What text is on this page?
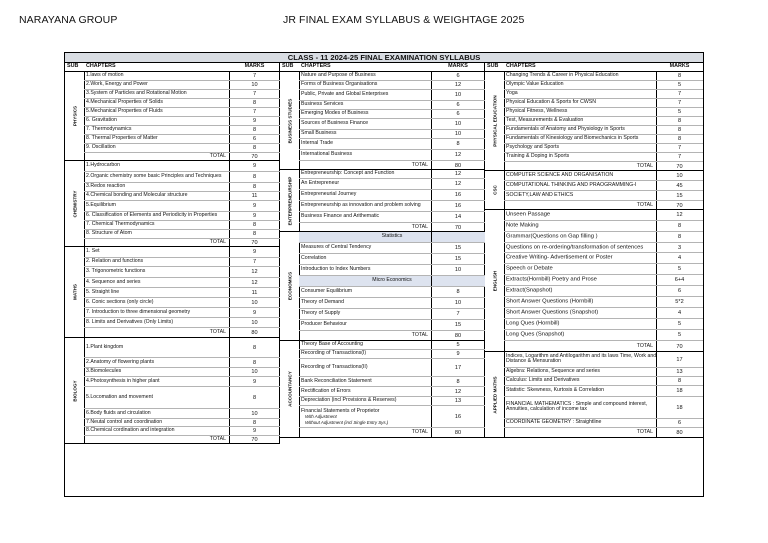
NARAYANA GROUP	JR FINAL EXAM SYLLABUS & WEIGHTAGE 2025
CLASS - 11 2024-25 FINAL EXAMINATION SYLLABUS
SUB CHAPTERS	MARKS
PHYSICS
1.laws of motion	7
2.Work, Energy and Power	10
3.System of Particles and Rotational Motion	7
4.Mechanical Properties of Solids	8
5.Mechanical Properties of Fluids	7
6. Gravitation	9
7. Thermodynamics	8
8. Thermal Properties of Matter	6
9. Oscillation	8
TOTAL	70
CHEMISTRY
1.Hydrocarbon	9
2.Organic chemistry some basic Principles and Techniques	8
3.Redox reaction	8
4.Chemical bonding and Molecular structure	11
5.Equilibrium	9
6. Classification of Elements and Periodicity in Properties	9
7. Chemical Thermodynamics	8
8. Structure of Atom	8
TOTAL	70
MATHS
1. Set	9
2. Relation and functions	7
3. Trigonometric functions	12
4. Sequence and series	12
5. Straight line	11
6. Conic sections (only circle)	10
7. Introduction to three dimensional geometry	9
8. Limits and Derivatives (Only Limits)	10
TOTAL	80
BIOLOGY
1.Plant kingdom	8
2.Anatomy of flowering plants	8
3.Biomolecules	10
4.Photosynthesis in higher plant	9
5.Locomation and movement	8
6.Body fluids and circulation	10
7.Neutal control and coordination	8
8.Chemical cordination and integration	9
TOTAL	70
SUB CHAPTERS	MARKS
BUSINESS STUDIES
Nature and Purpose of Business	6
Forms of Business Organisations	12
Public, Private and Global Enterprises	10
Business Services	6
Emerging Modes of Business	6
Sources of Business Finance	10
Small Business	10
Internal Trade	8
International Business	12
TOTAL	80
ENTERPRENEURSHIP
Entrepreneurship: Concept and Function	12
An Entrepreneur	12
Entrepreneurial Journey	16
Entrepreneurship as innovation and problem solving	16
Business Finance and Arithematic	14
TOTAL	70
ECONOMICS
Statistics
Measures of Central Tendency	15
Correlation	15
Introduction to Index Numbers	10
Micro Economics
Consumer Equilibrium	8
Theory of Demand	10
Theory of Supply	7
Producer Behaviour	15
TOTAL	80
ACCOUNTANCY
Theory Base of Accounting	5
Recording of Transactions(I)	9
Recording of Transactions(II)	17
Bank Reconciliation Statement	8
Rectification of Errors	12
Depreciation (incl Provisions & Reserves)	13
Financial Statements of Proprietor
With Adjustment
Without Adjustment (incl Single Entry Sys.)
16
TOTAL	80
SUB CHAPTERS	MARKS
PHYSICAL EDUCATION
Changing Trends & Career in Physical Education	8
Olympic Value Education	5
Yoga	7
Physical Education & Sports for CWSN	7
Physical Fitness, Wellness	5
Test, Measurements & Evaluation	8
Fundamentals of Anatomy and Physiology in Sports	8
Fundamentals of Kinesiology and Biomechanics in Sports	8
Psychology and Sports	7
Training & Doping in Sports	7
TOTAL	70
CSC
COMPUTER SCIENCE AND ORGANISATION	10
COMPUTATIONAL THINKING AND PRAOGRAMMING-I	45
SOCIETY,LAW AND ETHICS	15
TOTAL	70
ENGLISH
Unseen Passage	12
Note Making	8
Grammar(Questions on Gap filling )	8
Questions on re-ordering/transformation of sentences	3
Creative Writing- Advertisement or Poster	4
Speech or Debate	5
Extracts(Hornbill) Poetry and Prose	6+4
Extract(Snapshot)	6
Short Answer Questions (Hornbill)	5*2
Short Answer Questions (Snapshot)	4
Long Ques (Hornbill)	5
Long Ques (Snapshot)	5
TOTAL	70
APPLIED MATHS
Indices, Logarithm and Antilogarithm and its laws Time, Work and Distance & Mensuration	17
Algebra: Relations, Sequence and series	13
Calculus: Limits and Derivatives	8
Statistic: Skewness, Kurtosis & Correlation	18
FINANCIAL MATHEMATICS : Simple and compound interest, Annuities, calculation of income tax	18
COORDINATE GEOMETRY : Straightline	6
TOTAL	80
